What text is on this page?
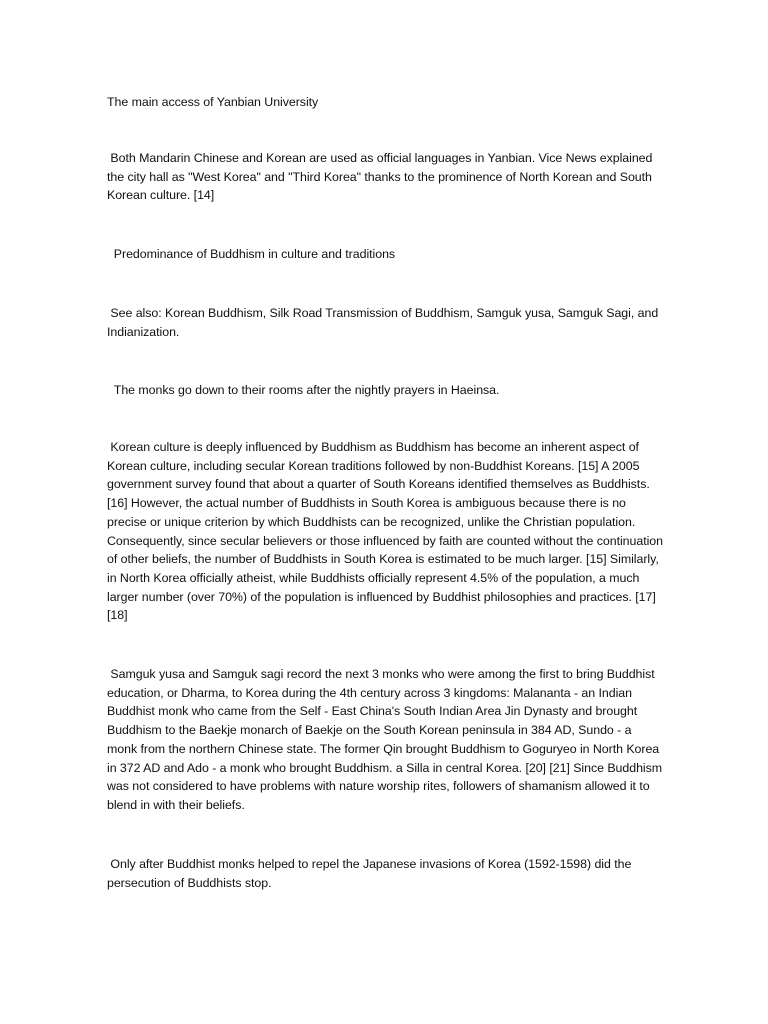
The main access of Yanbian University

Both Mandarin Chinese and Korean are used as official languages in Yanbian. Vice News explained the city hall as "West Korea" and "Third Korea" thanks to the prominence of North Korean and South Korean culture. [14]

Predominance of Buddhism in culture and traditions

See also: Korean Buddhism, Silk Road Transmission of Buddhism, Samguk yusa, Samguk Sagi, and Indianization.

The monks go down to their rooms after the nightly prayers in Haeinsa.

Korean culture is deeply influenced by Buddhism as Buddhism has become an inherent aspect of Korean culture, including secular Korean traditions followed by non-Buddhist Koreans. [15] A 2005 government survey found that about a quarter of South Koreans identified themselves as Buddhists. [16] However, the actual number of Buddhists in South Korea is ambiguous because there is no precise or unique criterion by which Buddhists can be recognized, unlike the Christian population. Consequently, since secular believers or those influenced by faith are counted without the continuation of other beliefs, the number of Buddhists in South Korea is estimated to be much larger. [15] Similarly, in North Korea officially atheist, while Buddhists officially represent 4.5% of the population, a much larger number (over 70%) of the population is influenced by Buddhist philosophies and practices. [17] [18]

Samguk yusa and Samguk sagi record the next 3 monks who were among the first to bring Buddhist education, or Dharma, to Korea during the 4th century across 3 kingdoms: Malananta - an Indian Buddhist monk who came from the Self - East China's South Indian Area Jin Dynasty and brought Buddhism to the Baekje monarch of Baekje on the South Korean peninsula in 384 AD, Sundo - a monk from the northern Chinese state. The former Qin brought Buddhism to Goguryeo in North Korea in 372 AD and Ado - a monk who brought Buddhism. a Silla in central Korea. [20] [21] Since Buddhism was not considered to have problems with nature worship rites, followers of shamanism allowed it to blend in with their beliefs.

Only after Buddhist monks helped to repel the Japanese invasions of Korea (1592-1598) did the persecution of Buddhists stop.
